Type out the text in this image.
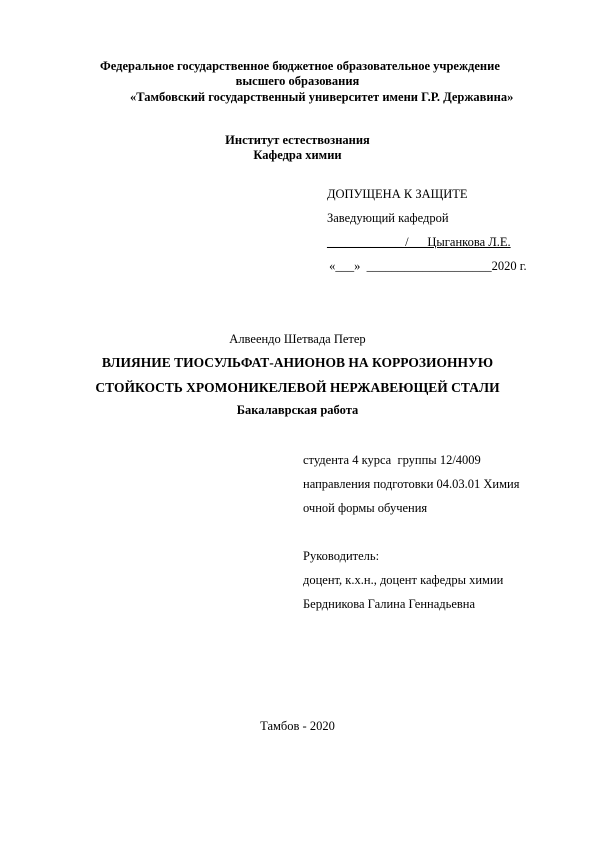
Федеральное государственное бюджетное образовательное учреждение
высшего образования
«Тамбовский государственный университет имени Г.Р. Державина»
Институт естествознания
Кафедра химии
ДОПУЩЕНА К ЗАЩИТЕ
Заведующий кафедрой
____________ /___Цыганкова Л.Е.
«___»  ____________________2020 г.
Алвеендо Шетвада Петер
ВЛИЯНИЕ ТИОСУЛЬФАТ-АНИОНОВ НА КОРРОЗИОННУЮ
СТОЙКОСТЬ ХРОМОНИКЕЛЕВОЙ НЕРЖАВЕЮЩЕЙ СТАЛИ
Бакалаврская работа
студента 4 курса  группы 12/4009
направления подготовки 04.03.01 Химия
очной формы обучения
Руководитель:
доцент, к.х.н., доцент кафедры химии
Бердникова Галина Геннадьевна
Тамбов - 2020
